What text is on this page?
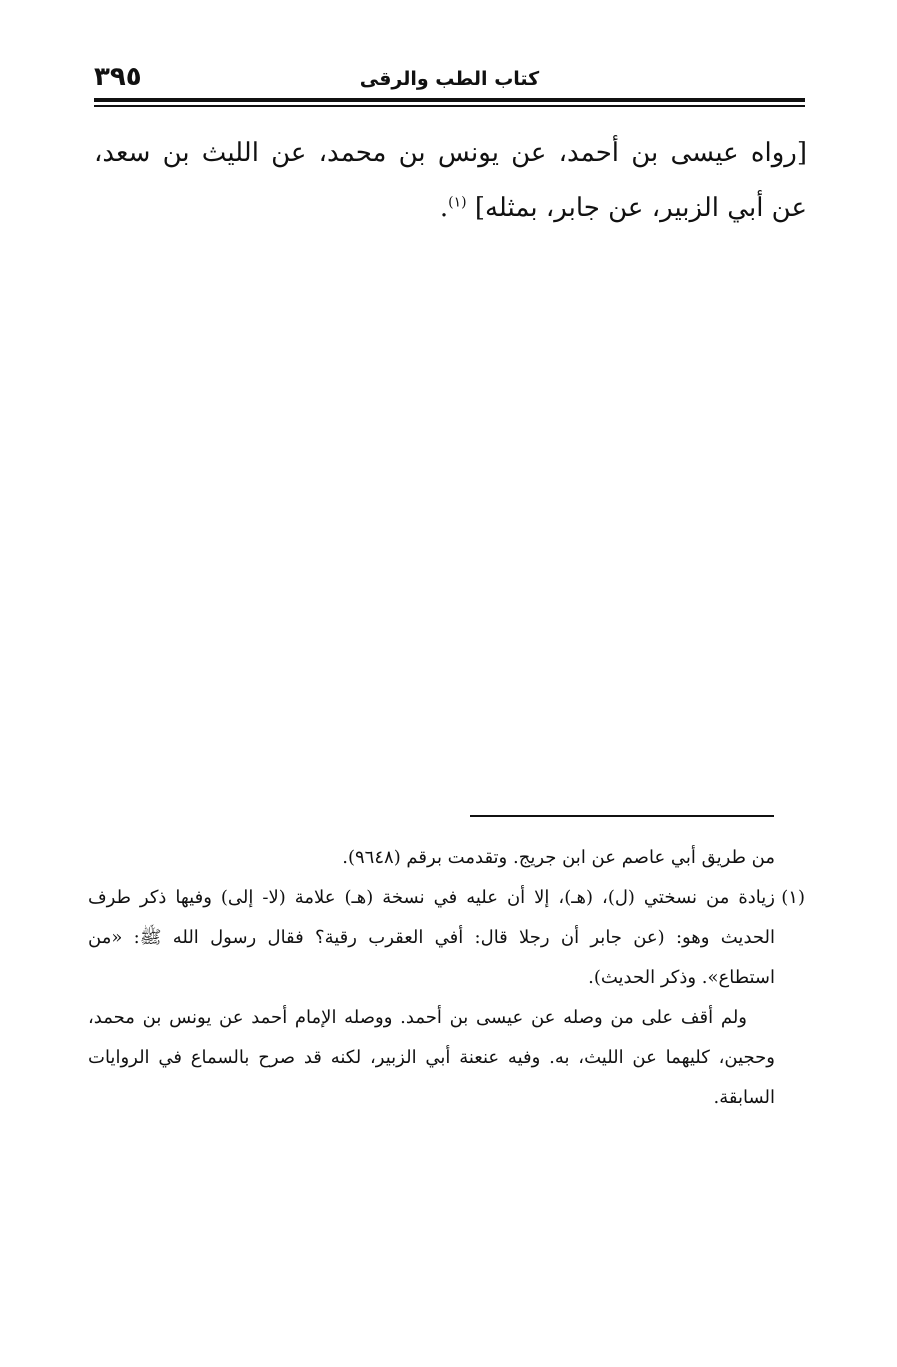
٣٩٥	كتاب الطب والرقى

[رواه عيسى بن أحمد، عن يونس بن محمد، عن الليث بن سعد، عن أبي الزبير، عن جابر، بمثله] $^{(١)}$.

من طريق أبي عاصم عن ابن جريج. وتقدمت برقم (٩٦٤٨).

(١)

زيادة من نسختي (ل)، (هـ)، إلا أن عليه في نسخة (هـ) علامة (لا- إلى) وفيها ذكر طرف الحديث وهو: (عن جابر أن رجلا قال: أفي العقرب رقية؟ فقال رسول الله ﷺ: «من استطاع». وذكر الحديث).

ولم أقف على من وصله عن عيسى بن أحمد. ووصله الإمام أحمد عن يونس بن محمد، وحجين، كليهما عن الليث، به. وفيه عنعنة أبي الزبير، لكنه قد صرح بالسماع في الروايات السابقة.
